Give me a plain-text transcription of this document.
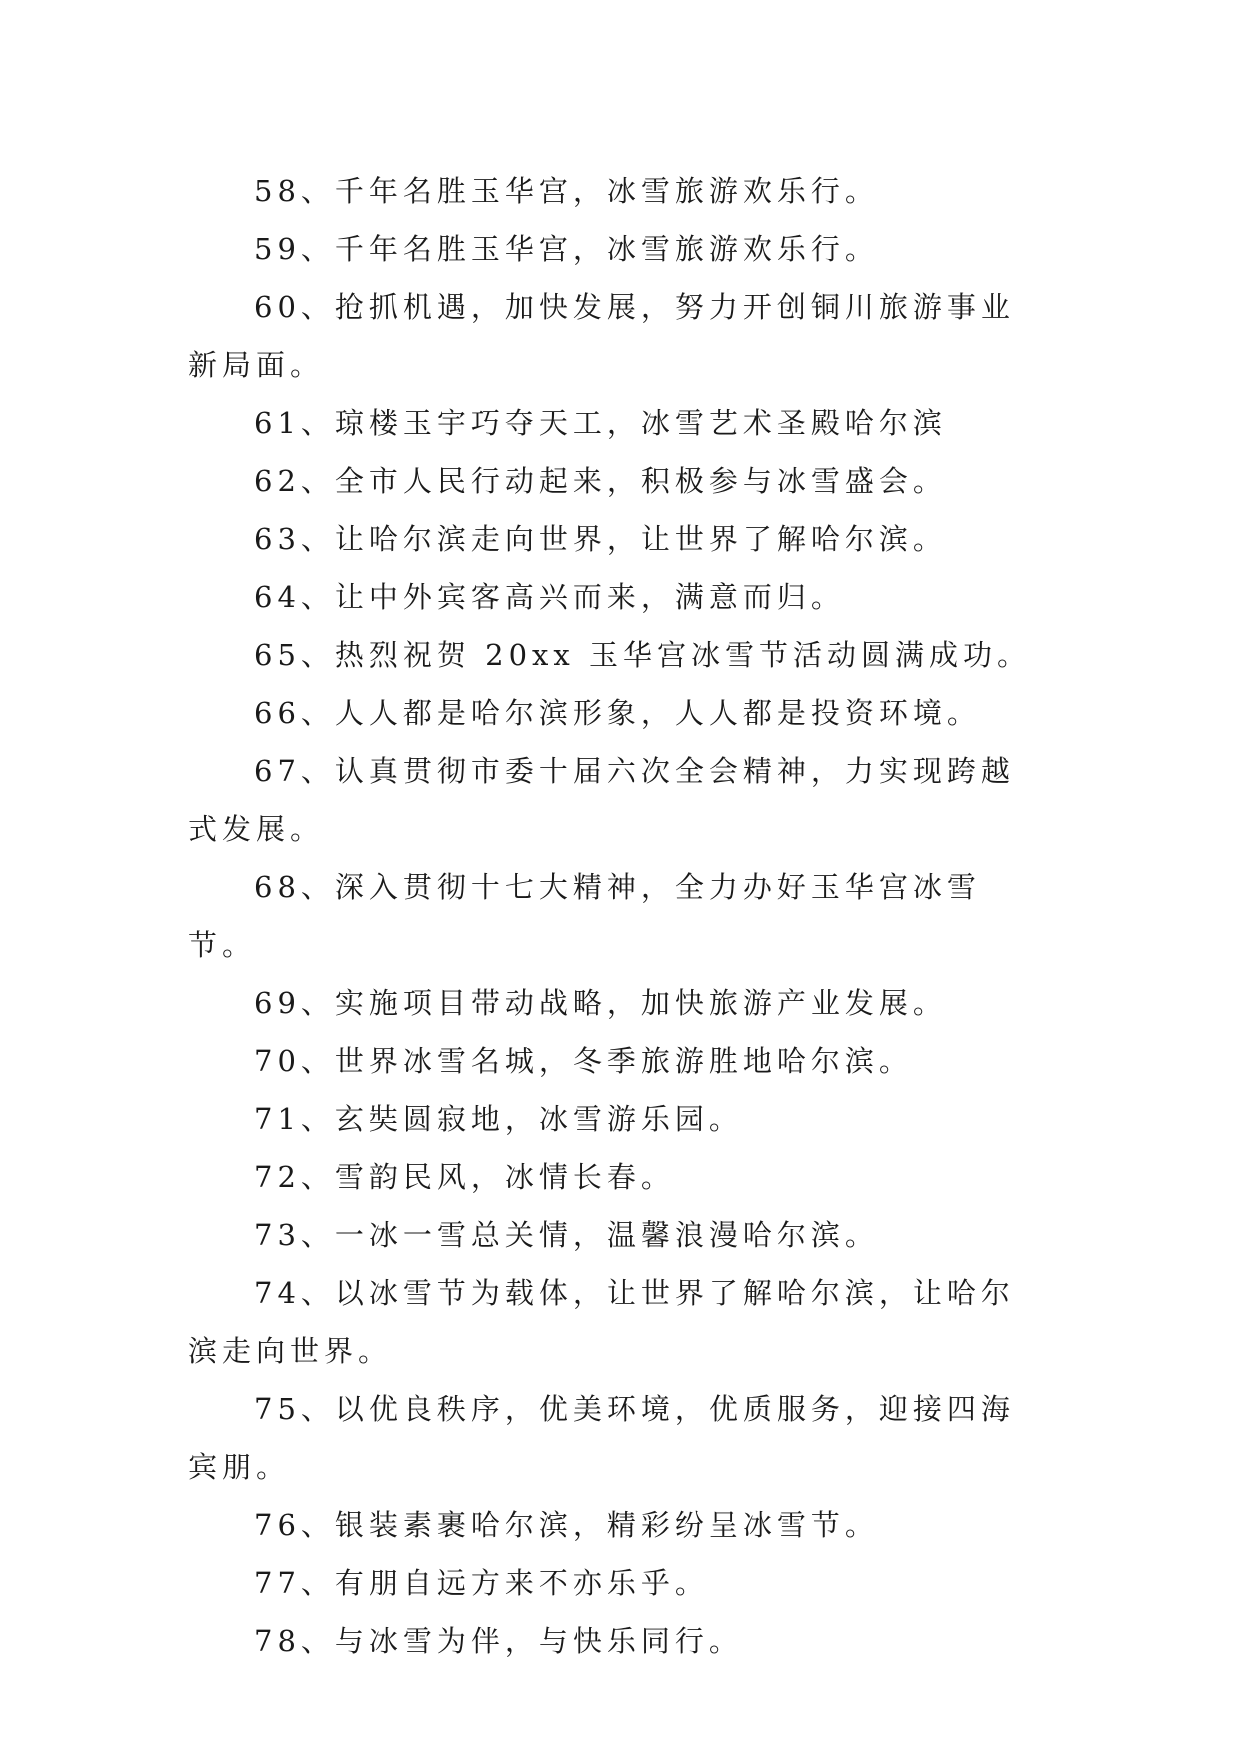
58、千年名胜玉华宫，冰雪旅游欢乐行。

59、千年名胜玉华宫，冰雪旅游欢乐行。

60、抢抓机遇，加快发展，努力开创铜川旅游事业新局面。

61、琼楼玉宇巧夺天工，冰雪艺术圣殿哈尔滨

62、全市人民行动起来，积极参与冰雪盛会。

63、让哈尔滨走向世界，让世界了解哈尔滨。

64、让中外宾客高兴而来，满意而归。

65、热烈祝贺 20xx 玉华宫冰雪节活动圆满成功。

66、人人都是哈尔滨形象，人人都是投资环境。

67、认真贯彻市委十届六次全会精神，力实现跨越式发展。

68、深入贯彻十七大精神，全力办好玉华宫冰雪节。

69、实施项目带动战略，加快旅游产业发展。

70、世界冰雪名城，冬季旅游胜地哈尔滨。

71、玄奘圆寂地，冰雪游乐园。

72、雪韵民风，冰情长春。

73、一冰一雪总关情，温馨浪漫哈尔滨。

74、以冰雪节为载体，让世界了解哈尔滨，让哈尔滨走向世界。

75、以优良秩序，优美环境，优质服务，迎接四海宾朋。

76、银装素裹哈尔滨，精彩纷呈冰雪节。

77、有朋自远方来不亦乐乎。

78、与冰雪为伴，与快乐同行。
